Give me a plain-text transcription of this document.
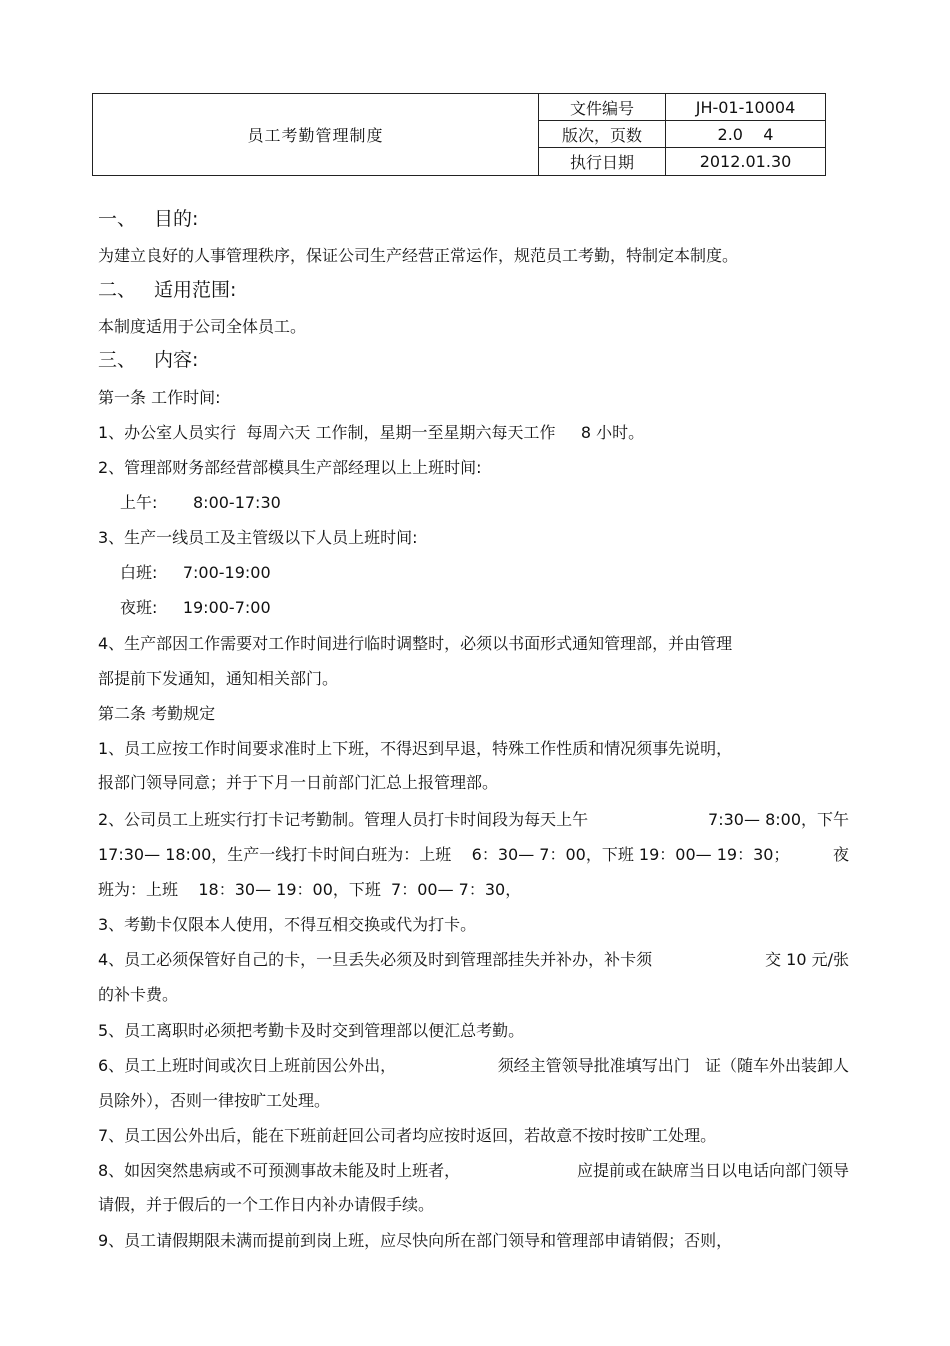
员工考勤管理制度	文件编号	JH-01-10004
	版次，页数	2.0    4
	执行日期	2012.01.30
一、 目的:
为建立良好的人事管理秩序，保证公司生产经营正常运作，规范员工考勤，特制定本制度。
二、 适用范围:
本制度适用于公司全体员工。
三、 内容:
第一条 工作时间:
1、办公室人员实行  每周六天 工作制，星期一至星期六每天工作     8 小时。
2、管理部财务部经营部模具生产部经理以上上班时间:
上午:       8:00-17:30
3、生产一线员工及主管级以下人员上班时间:
白班:     7:00-19:00
夜班:     19:00-7:00
4、生产部因工作需要对工作时间进行临时调整时，必须以书面形式通知管理部，并由管理
部提前下发通知，通知相关部门。
第二条 考勤规定
1、员工应按工作时间要求准时上下班，不得迟到早退，特殊工作性质和情况须事先说明，
报部门领导同意；并于下月一日前部门汇总上报管理部。
2、公司员工上班实行打卡记考勤制。管理人员打卡时间段为每天上午	7:30— 8:00，下午
17:30— 18:00，生产一线打卡时间白班为：上班    6：30— 7：00，下班 19：00— 19：30；	夜
班为：上班    18：30— 19：00，下班  7：00— 7：30，
3、考勤卡仅限本人使用，不得互相交换或代为打卡。
4、员工必须保管好自己的卡，一旦丢失必须及时到管理部挂失并补办，补卡须	交 10 元/张
的补卡费。
5、员工离职时必须把考勤卡及时交到管理部以便汇总考勤。
6、员工上班时间或次日上班前因公外出，	须经主管领导批准填写出门   证（随车外出装卸人
员除外），否则一律按旷工处理。
7、员工因公外出后，能在下班前赶回公司者均应按时返回，若故意不按时按旷工处理。
8、如因突然患病或不可预测事故未能及时上班者，	应提前或在缺席当日以电话向部门领导
请假，并于假后的一个工作日内补办请假手续。
9、员工请假期限未满而提前到岗上班，应尽快向所在部门领导和管理部申请销假；否则，
